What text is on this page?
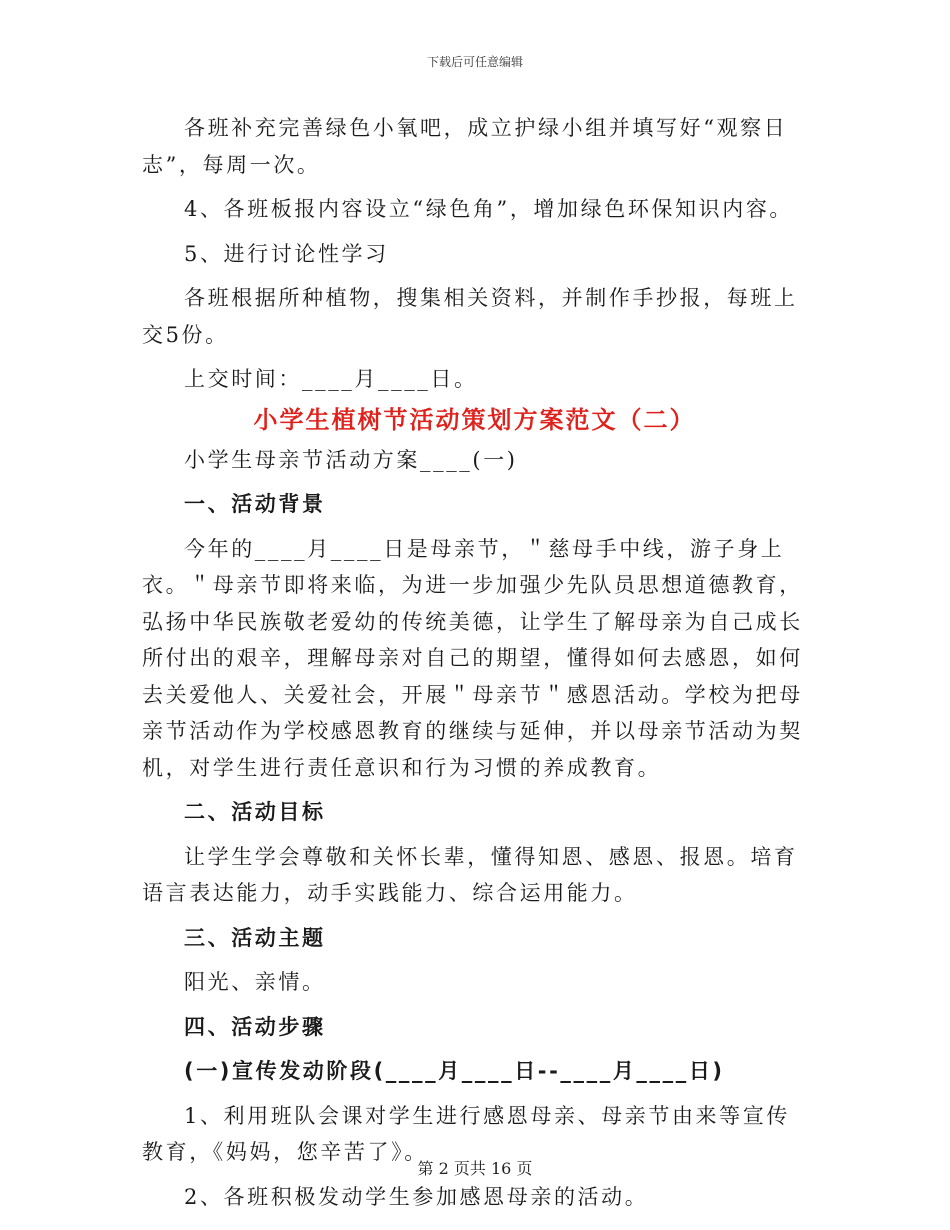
下载后可任意编辑

各班补充完善绿色小氧吧，成立护绿小组并填写好“观察日志”，每周一次。

4、各班板报内容设立“绿色角”，增加绿色环保知识内容。

5、进行讨论性学习

各班根据所种植物，搜集相关资料，并制作手抄报，每班上交5份。

上交时间：____月____日。

小学生植树节活动策划方案范文（二）

小学生母亲节活动方案____(一)

一、活动背景

今年的____月____日是母亲节，＂慈母手中线，游子身上衣。＂母亲节即将来临，为进一步加强少先队员思想道德教育，弘扬中华民族敬老爱幼的传统美德，让学生了解母亲为自己成长所付出的艰辛，理解母亲对自己的期望，懂得如何去感恩，如何去关爱他人、关爱社会，开展＂母亲节＂感恩活动。学校为把母亲节活动作为学校感恩教育的继续与延伸，并以母亲节活动为契机，对学生进行责任意识和行为习惯的养成教育。

二、活动目标

让学生学会尊敬和关怀长辈，懂得知恩、感恩、报恩。培育语言表达能力，动手实践能力、综合运用能力。

三、活动主题

阳光、亲情。

四、活动步骤

(一)宣传发动阶段(____月____日--____月____日)

1、利用班队会课对学生进行感恩母亲、母亲节由来等宣传教育，《妈妈，您辛苦了》。

2、各班积极发动学生参加感恩母亲的活动。

第 2 页共 16 页
